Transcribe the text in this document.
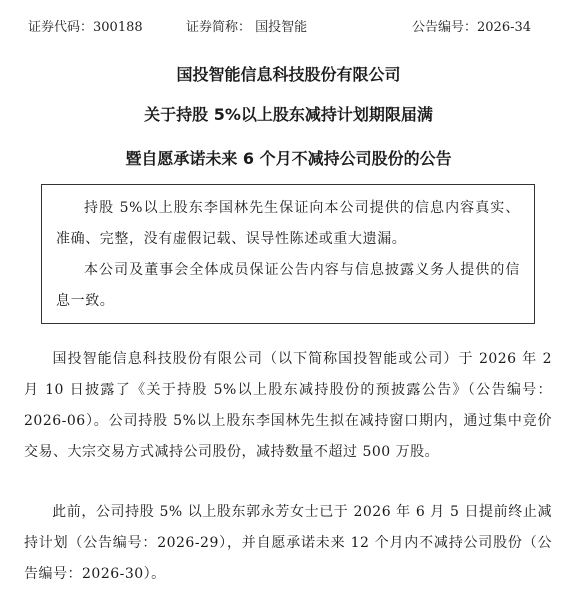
证券代码：300188	证券简称： 国投智能	公告编号：2026-34
国投智能信息科技股份有限公司
关于持股 5%以上股东减持计划期限届满
暨自愿承诺未来 6 个月不减持公司股份的公告

持股 5%以上股东李国林先生保证向本公司提供的信息内容真实、准确、完整，没有虚假记载、误导性陈述或重大遗漏。

本公司及董事会全体成员保证公告内容与信息披露义务人提供的信息一致。

国投智能信息科技股份有限公司（以下简称国投智能或公司）于 2026 年 2 月 10 日披露了《关于持股 5%以上股东减持股份的预披露公告》（公告编号：2026-06）。公司持股 5%以上股东李国林先生拟在减持窗口期内，通过集中竞价交易、大宗交易方式减持公司股份，减持数量不超过 500 万股。

此前，公司持股 5% 以上股东郭永芳女士已于 2026 年 6 月 5 日提前终止减持计划（公告编号：2026-29），并自愿承诺未来 12 个月内不减持公司股份（公告编号：2026-30）。
